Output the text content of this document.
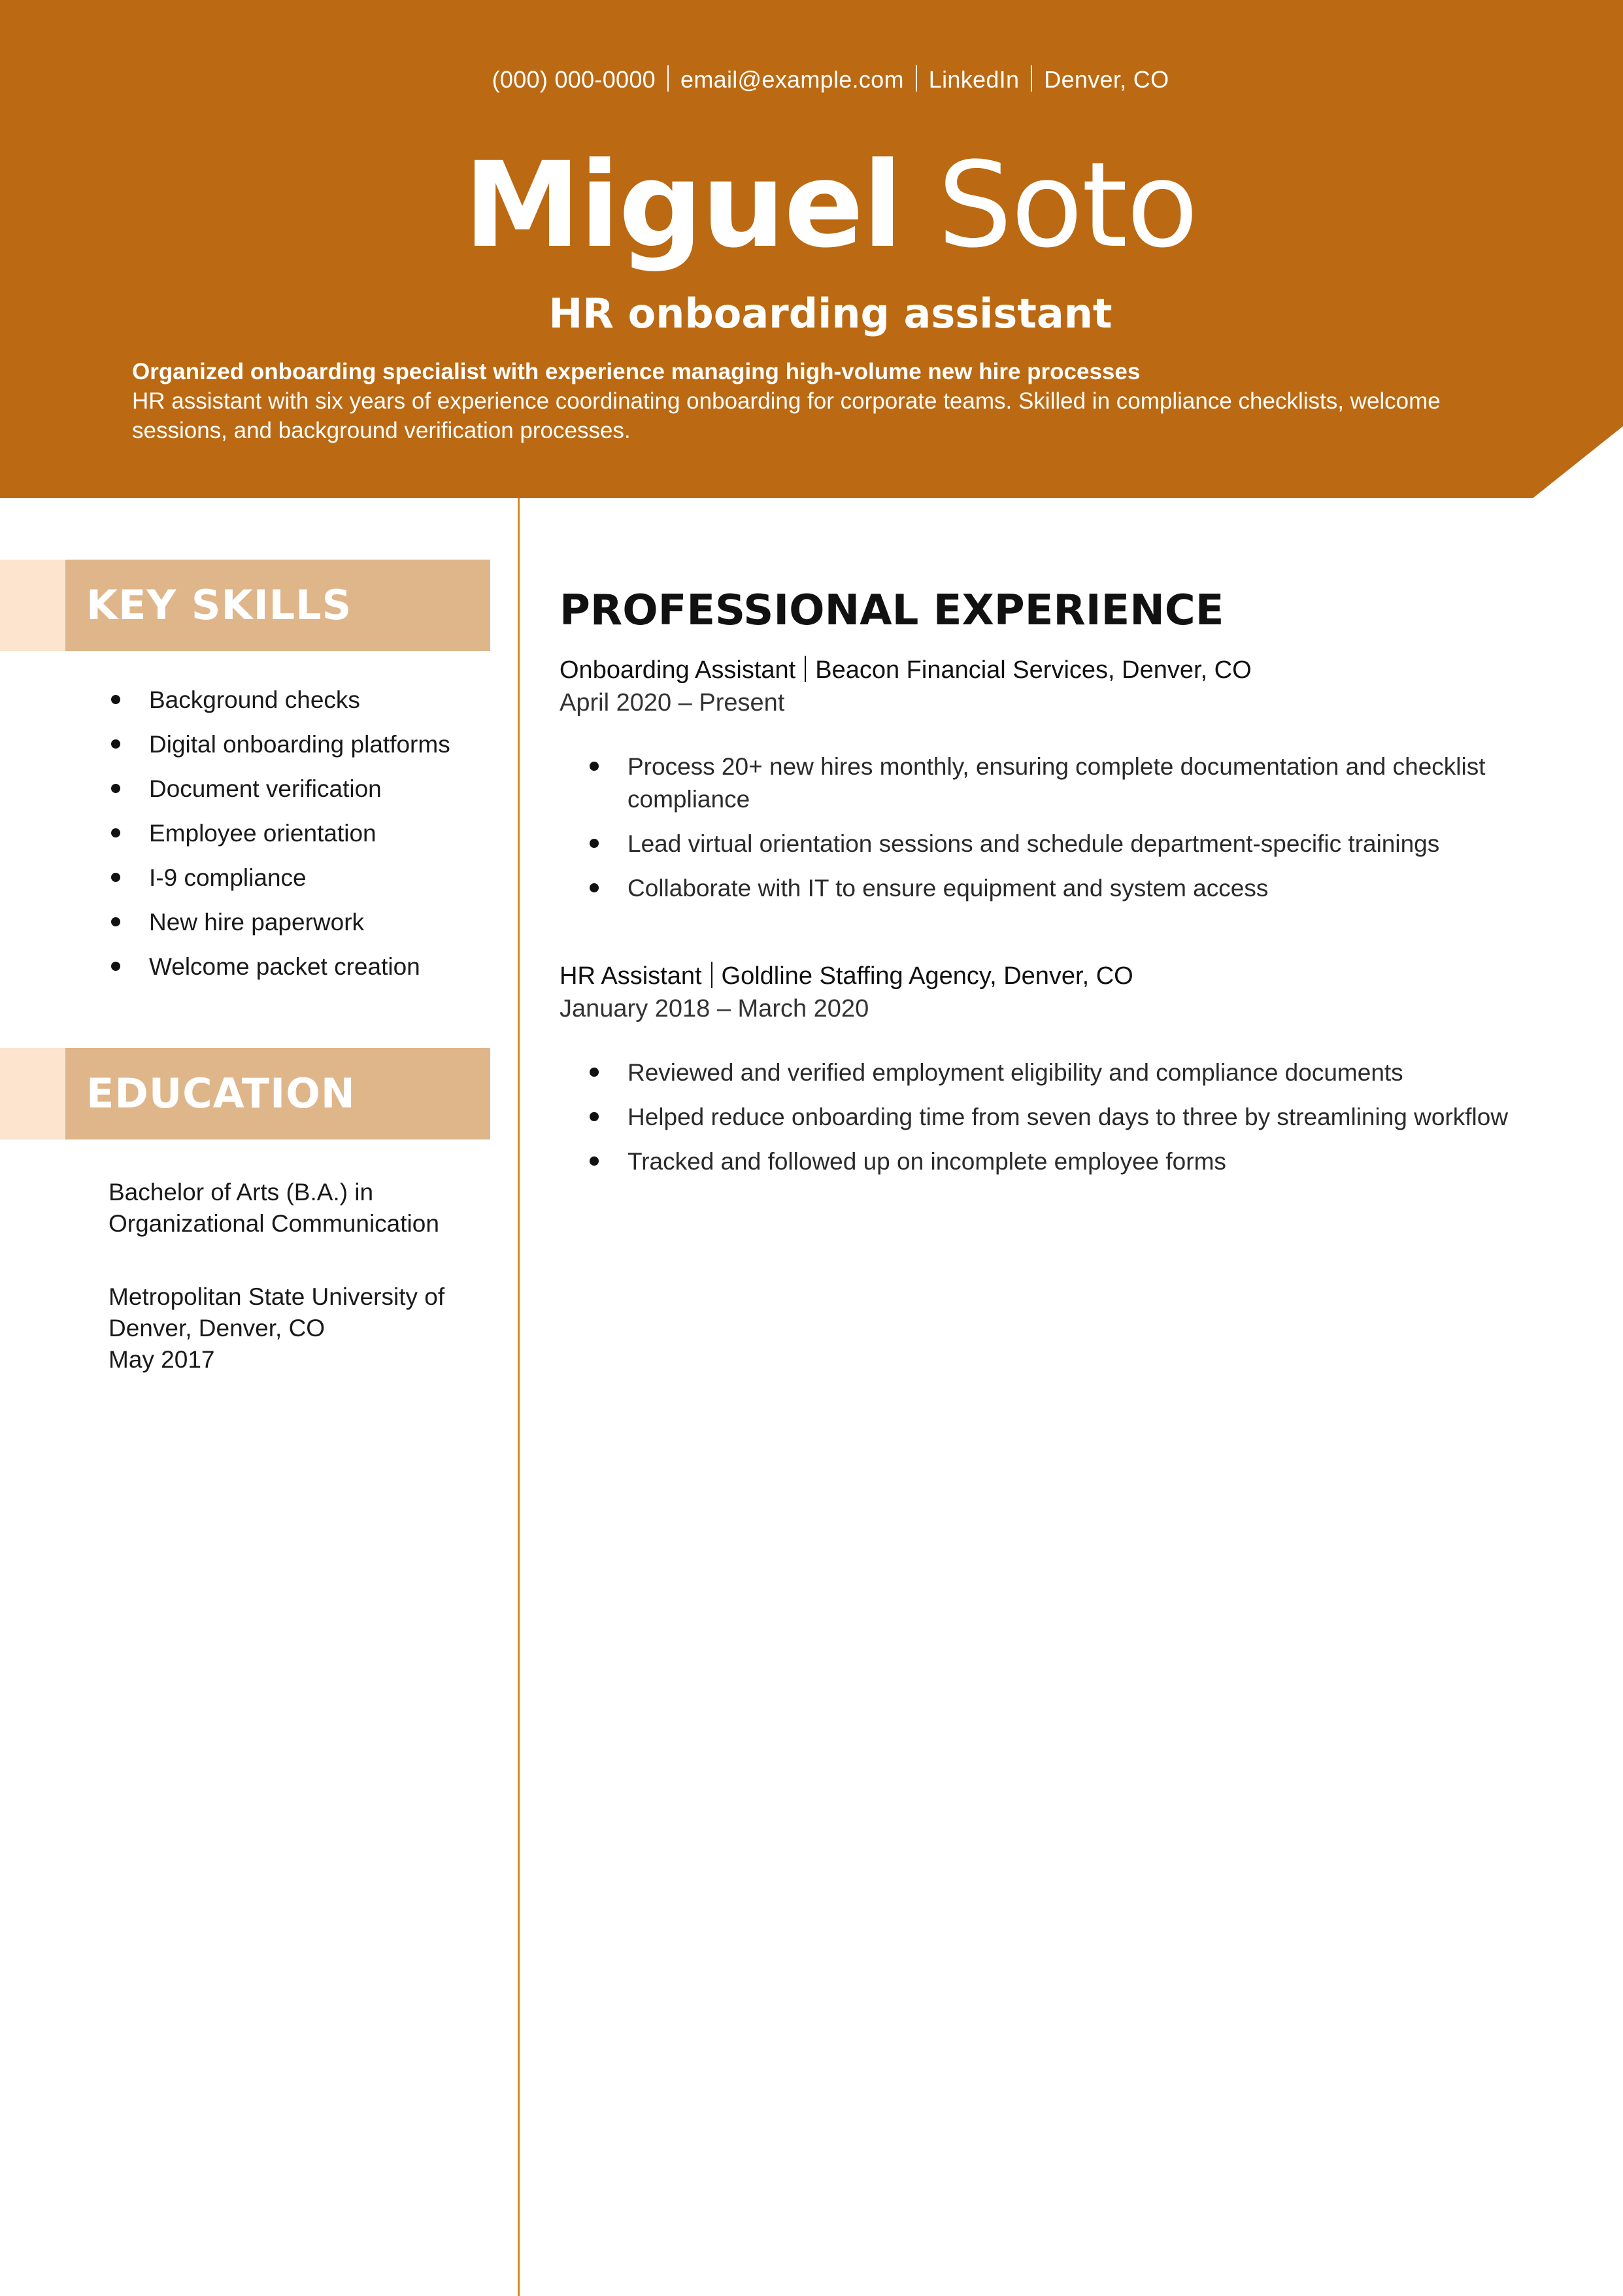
(000) 000-0000 email@example.com LinkedIn Denver, CO
Miguel Soto
HR onboarding assistant
Organized onboarding specialist with experience managing high-volume new hire processes
HR assistant with six years of experience coordinating onboarding for corporate teams. Skilled in compliance checklists, welcome sessions, and background verification processes.
KEY SKILLS
Background checks
Digital onboarding platforms
Document verification
Employee orientation
I-9 compliance
New hire paperwork
Welcome packet creation
EDUCATION
Bachelor of Arts (B.A.) in
Organizational Communication
Metropolitan State University of
Denver, Denver, CO
May 2017
PROFESSIONAL EXPERIENCE
Onboarding Assistant Beacon Financial Services, Denver, CO
April 2020 – Present
Process 20+ new hires monthly, ensuring complete documentation and checklist compliance
Lead virtual orientation sessions and schedule department-specific trainings
Collaborate with IT to ensure equipment and system access
HR Assistant Goldline Staffing Agency, Denver, CO
January 2018 – March 2020
Reviewed and verified employment eligibility and compliance documents
Helped reduce onboarding time from seven days to three by streamlining workflow
Tracked and followed up on incomplete employee forms
